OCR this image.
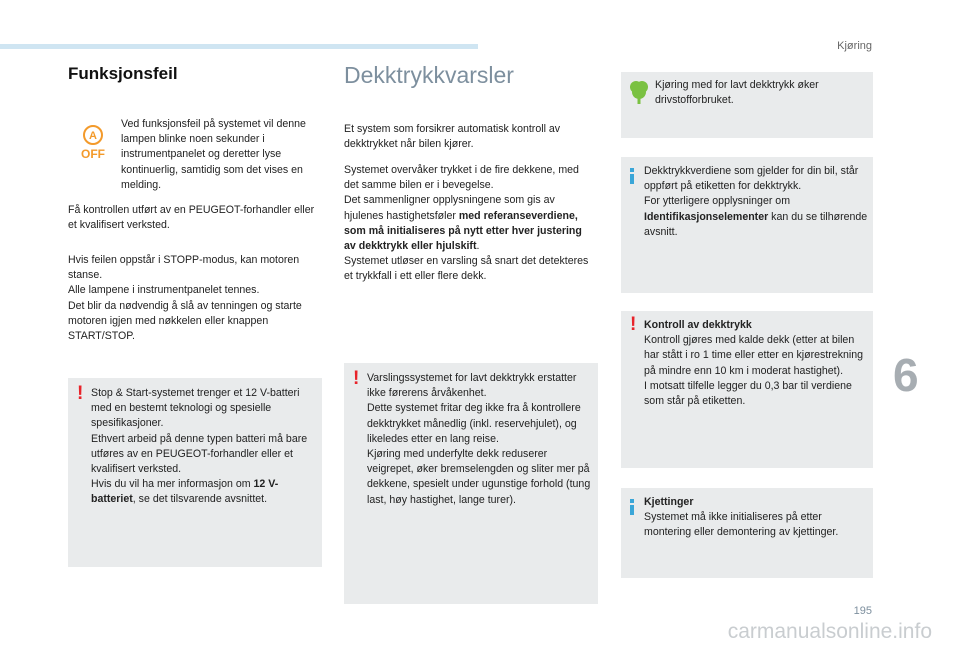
Kjøring
Funksjonsfeil
A
OFF

Ved funksjonsfeil på systemet vil denne lampen blinke noen sekunder i instrumentpanelet og deretter lyse kontinuerlig, samtidig som det vises en melding.

Få kontrollen utført av en PEUGEOT-forhandler eller et kvalifisert verksted.

Hvis feilen oppstår i STOPP-modus, kan motoren stanse.

Alle lampene i instrumentpanelet tennes.

Det blir da nødvendig å slå av tenningen og starte motoren igjen med nøkkelen eller knappen START/STOP.

! Stop & Start-systemet trenger et 12 V-batteri med en bestemt teknologi og spesielle spesifikasjoner.

Ethvert arbeid på denne typen batteri må bare utføres av en PEUGEOT-forhandler eller et kvalifisert verksted.

Hvis du vil ha mer informasjon om 12 V-batteriet, se det tilsvarende avsnittet.

Dekktrykkvarsler

Et system som forsikrer automatisk kontroll av dekktrykket når bilen kjører.

Systemet overvåker trykket i de fire dekkene, med det samme bilen er i bevegelse.

Det sammenligner opplysningene som gis av hjulenes hastighetsføler med referanseverdiene, som må initialiseres på nytt etter hver justering av dekktrykk eller hjulskift.

Systemet utløser en varsling så snart det detekteres et trykkfall i ett eller flere dekk.

! Varslingssystemet for lavt dekktrykk erstatter ikke førerens årvåkenhet.

Dette systemet fritar deg ikke fra å kontrollere dekktrykket månedlig (inkl. reservehjulet), og likeledes etter en lang reise.

Kjøring med underfylte dekk reduserer veigrepet, øker bremselengden og sliter mer på dekkene, spesielt under ugunstige forhold (tung last, høy hastighet, lange turer).

Kjøring med for lavt dekktrykk øker drivstofforbruket.

Dekktrykkverdiene som gjelder for din bil, står oppført på etiketten for dekktrykk.

For ytterligere opplysninger om Identifikasjonselementer kan du se tilhørende avsnitt.

! Kontroll av dekktrykk

Kontroll gjøres med kalde dekk (etter at bilen har stått i ro 1 time eller etter en kjørestrekning på mindre enn 10 km i moderat hastighet).

I motsatt tilfelle legger du 0,3 bar til verdiene som står på etiketten.

Kjettinger

Systemet må ikke initialiseres på etter montering eller demontering av kjettinger.

6
195
carmanualsonline.info
